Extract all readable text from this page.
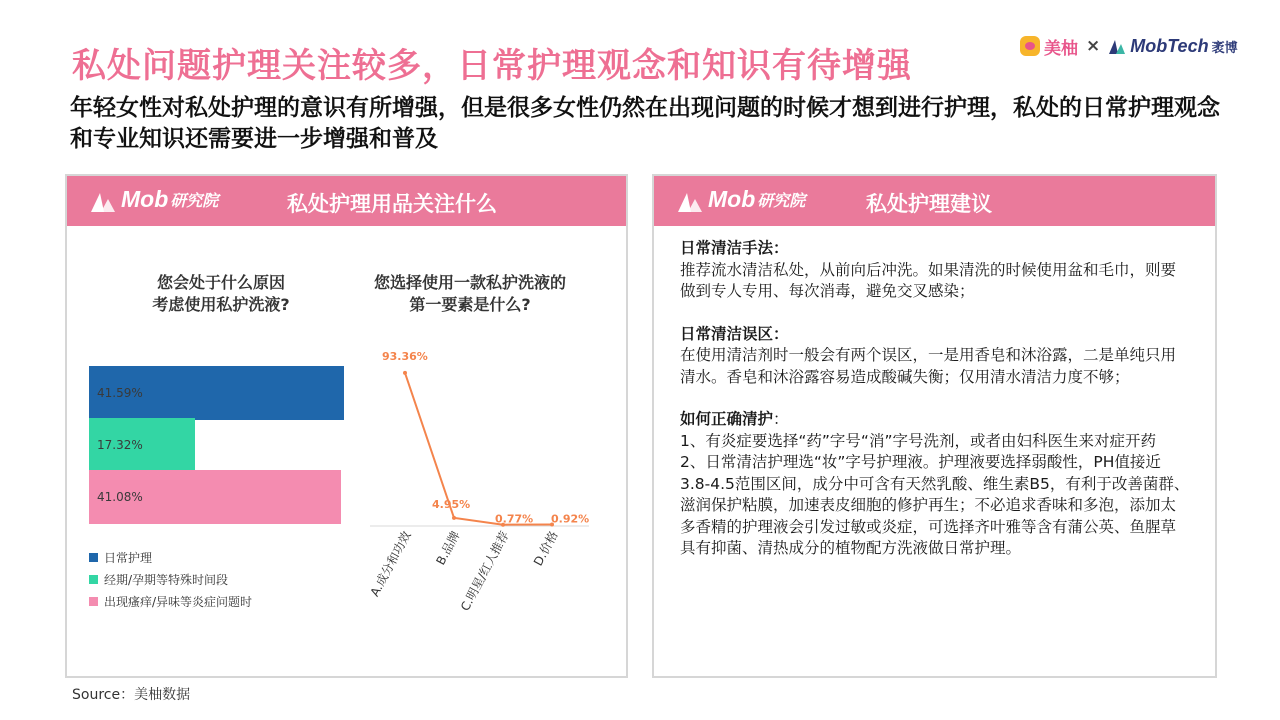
私处问题护理关注较多，日常护理观念和知识有待增强	美柚 × MobTech 袤博
年轻女性对私处护理的意识有所增强，但是很多女性仍然在出现问题的时候才想到进行护理，私处的日常护理观念和专业知识还需要进一步增强和普及
Mob 研究院	私处护理用品关注什么
您会处于什么原因
考虑使用私护洗液?
您选择使用一款私护洗液的
第一要素是什么?
41.59%
17.32%
41.08%
日常护理
经期/孕期等特殊时间段
出现瘙痒/异味等炎症问题时
93.36%
4.95%
0.77% 0.92%
A.成分和功效 B.品牌
C.明星/红人推荐 D.价格
Mob 研究院	私处护理建议
日常清洁手法：
推荐流水清洁私处，从前向后冲洗。如果清洗的时候使用盆和毛巾，则要做到专人专用、每次消毒，避免交叉感染；
日常清洁误区：
在使用清洁剂时一般会有两个误区，一是用香皂和沐浴露，二是单纯只用清水。香皂和沐浴露容易造成酸碱失衡；仅用清水清洁力度不够；
如何正确清护：
1、有炎症要选择“药”字号“消”字号洗剂，或者由妇科医生来对症开药
2、日常清洁护理选“妆”字号护理液。护理液要选择弱酸性，PH值接近3.8-4.5范围区间，成分中可含有天然乳酸、维生素B5，有利于改善菌群、滋润保护粘膜，加速表皮细胞的修护再生；不必追求香味和多泡，添加太多香精的护理液会引发过敏或炎症，可选择齐叶雅等含有蒲公英、鱼腥草具有抑菌、清热成分的植物配方洗液做日常护理。
Source：美柚数据
